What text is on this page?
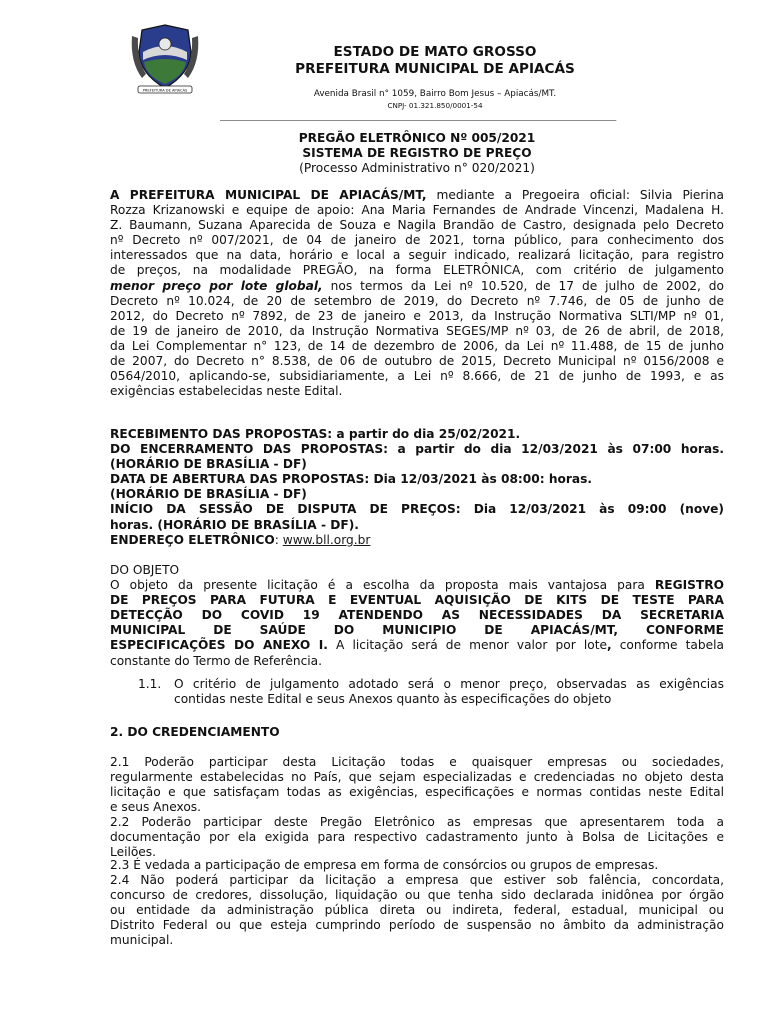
PREFEITURA DE APIACÁS
ESTADO DE MATO GROSSO
PREFEITURA MUNICIPAL DE APIACÁS
Avenida Brasil n° 1059, Bairro Bom Jesus – Apiacás/MT.
CNPJ- 01.321.850/0001-54
___________________________________________________________________________________________________________
PREGÃO ELETRÔNICO Nº 005/2021
SISTEMA DE REGISTRO DE PREÇO
(Processo Administrativo n° 020/2021)
A PREFEITURA MUNICIPAL DE APIACÁS/MT, mediante a Pregoeira oficial: Silvia Pierina
Rozza Krizanowski e equipe de apoio: Ana Maria Fernandes de Andrade Vincenzi, Madalena H.
Z. Baumann, Suzana Aparecida de Souza e Nagila Brandão de Castro, designada pelo Decreto
nº Decreto nº 007/2021, de 04 de janeiro de 2021, torna público, para conhecimento dos
interessados que na data, horário e local a seguir indicado, realizará licitação, para registro
de preços, na modalidade PREGÃO, na forma ELETRÔNICA, com critério de julgamento
menor preço por lote global, nos termos da Lei nº 10.520, de 17 de julho de 2002, do
Decreto nº 10.024, de 20 de setembro de 2019, do Decreto nº 7.746, de 05 de junho de
2012, do Decreto nº 7892, de 23 de janeiro e 2013, da Instrução Normativa SLTI/MP nº 01,
de 19 de janeiro de 2010, da Instrução Normativa SEGES/MP nº 03, de 26 de abril, de 2018,
da Lei Complementar n° 123, de 14 de dezembro de 2006, da Lei nº 11.488, de 15 de junho
de 2007, do Decreto n° 8.538, de 06 de outubro de 2015, Decreto Municipal nº 0156/2008 e
0564/2010, aplicando-se, subsidiariamente, a Lei nº 8.666, de 21 de junho de 1993, e as
exigências estabelecidas neste Edital.
RECEBIMENTO DAS PROPOSTAS: a partir do dia 25/02/2021.
DO ENCERRAMENTO DAS PROPOSTAS: a partir do dia 12/03/2021 às 07:00 horas.
(HORÁRIO DE BRASÍLIA - DF)
DATA DE ABERTURA DAS PROPOSTAS: Dia 12/03/2021 às 08:00: horas.
(HORÁRIO DE BRASÍLIA - DF)
INÍCIO DA SESSÃO DE DISPUTA DE PREÇOS: Dia 12/03/2021 às 09:00 (nove)
horas. (HORÁRIO DE BRASÍLIA - DF).
ENDEREÇO ELETRÔNICO: www.bll.org.br
DO OBJETO
O objeto da presente licitação é a escolha da proposta mais vantajosa para REGISTRO
DE PREÇOS PARA FUTURA E EVENTUAL AQUISIÇÃO DE KITS DE TESTE PARA
DETECÇÃO DO COVID 19 ATENDENDO AS NECESSIDADES DA SECRETARIA
MUNICIPAL DE SAÚDE DO MUNICIPIO DE APIACÁS/MT, CONFORME
ESPECIFICAÇÕES DO ANEXO I. A licitação será de menor valor por lote, conforme tabela
constante do Termo de Referência.
1.1. O critério de julgamento adotado será o menor preço, observadas as exigências
contidas neste Edital e seus Anexos quanto às especificações do objeto
2. DO CREDENCIAMENTO
2.1 Poderão participar desta Licitação todas e quaisquer empresas ou sociedades,
regularmente estabelecidas no País, que sejam especializadas e credenciadas no objeto desta
licitação e que satisfaçam todas as exigências, especificações e normas contidas neste Edital
e seus Anexos.
2.2 Poderão participar deste Pregão Eletrônico as empresas que apresentarem toda a
documentação por ela exigida para respectivo cadastramento junto à Bolsa de Licitações e
Leilões.
2.3 É vedada a participação de empresa em forma de consórcios ou grupos de empresas.
2.4 Não poderá participar da licitação a empresa que estiver sob falência, concordata,
concurso de credores, dissolução, liquidação ou que tenha sido declarada inidônea por órgão
ou entidade da administração pública direta ou indireta, federal, estadual, municipal ou
Distrito Federal ou que esteja cumprindo período de suspensão no âmbito da administração
municipal.
